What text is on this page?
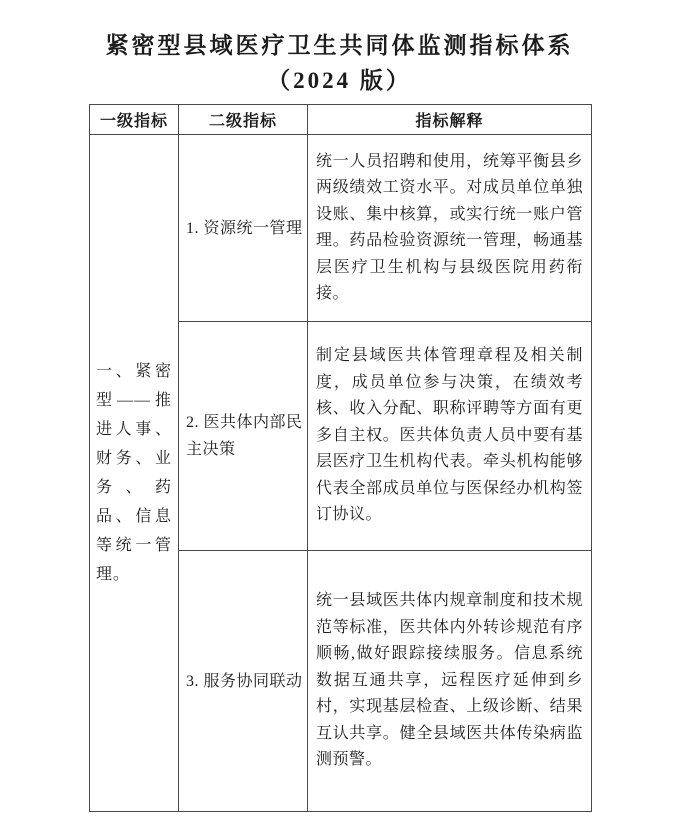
紧密型县域医疗卫生共同体监测指标体系
（2024 版）
一级指标	二级指标	指标解释
一、紧密型——推进人事、财务、业务、药品、信息等统一管理。	1. 资源统一管理	统一人员招聘和使用，统筹平衡县乡两级绩效工资水平。对成员单位单独设账、集中核算，或实行统一账户管理。药品检验资源统一管理，畅通基层医疗卫生机构与县级医院用药衔接。
	2. 医共体内部民主决策	制定县域医共体管理章程及相关制度，成员单位参与决策，在绩效考核、收入分配、职称评聘等方面有更多自主权。医共体负责人员中要有基层医疗卫生机构代表。牵头机构能够代表全部成员单位与医保经办机构签订协议。
	3. 服务协同联动	统一县域医共体内规章制度和技术规范等标准，医共体内外转诊规范有序顺畅,做好跟踪接续服务。信息系统数据互通共享，远程医疗延伸到乡村，实现基层检查、上级诊断、结果互认共享。健全县域医共体传染病监测预警。
